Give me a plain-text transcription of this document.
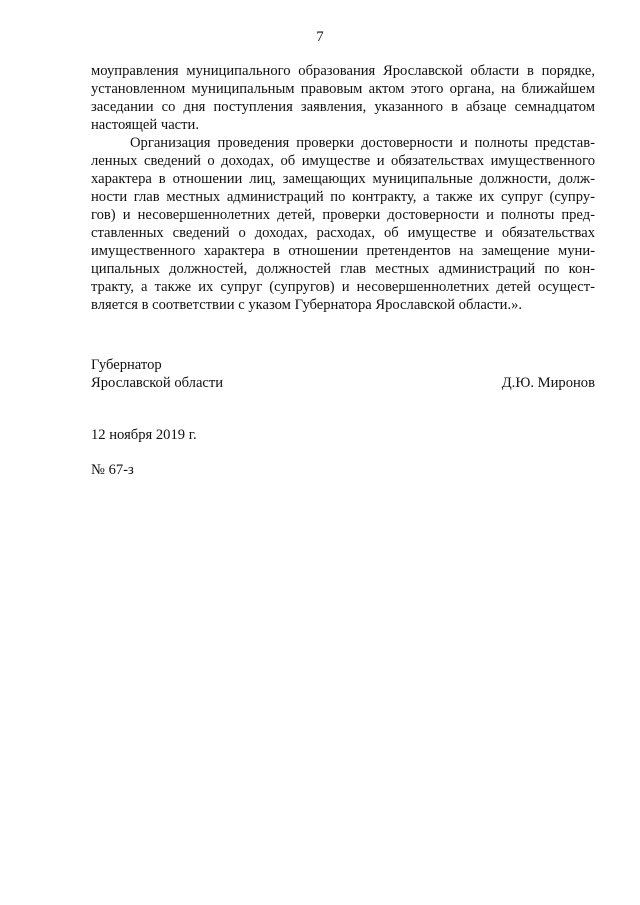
7
моуправления муниципального образования Ярославской области в порядке,
установленном муниципальным правовым актом этого органа, на ближайшем
заседании со дня поступления заявления, указанного в абзаце семнадцатом
настоящей части.
Организация проведения проверки достоверности и полноты представ-
ленных сведений о доходах, об имуществе и обязательствах имущественного
характера в отношении лиц, замещающих муниципальные должности, долж-
ности глав местных администраций по контракту, а также их супруг (супру-
гов) и несовершеннолетних детей, проверки достоверности и полноты пред-
ставленных сведений о доходах, расходах, об имуществе и обязательствах
имущественного характера в отношении претендентов на замещение муни-
ципальных должностей, должностей глав местных администраций по кон-
тракту, а также их супруг (супругов) и несовершеннолетних детей осущест-
вляется в соответствии с указом Губернатора Ярославской области.».
Губернатор
Ярославской области	Д.Ю. Миронов
12 ноября 2019 г.
№ 67-з
